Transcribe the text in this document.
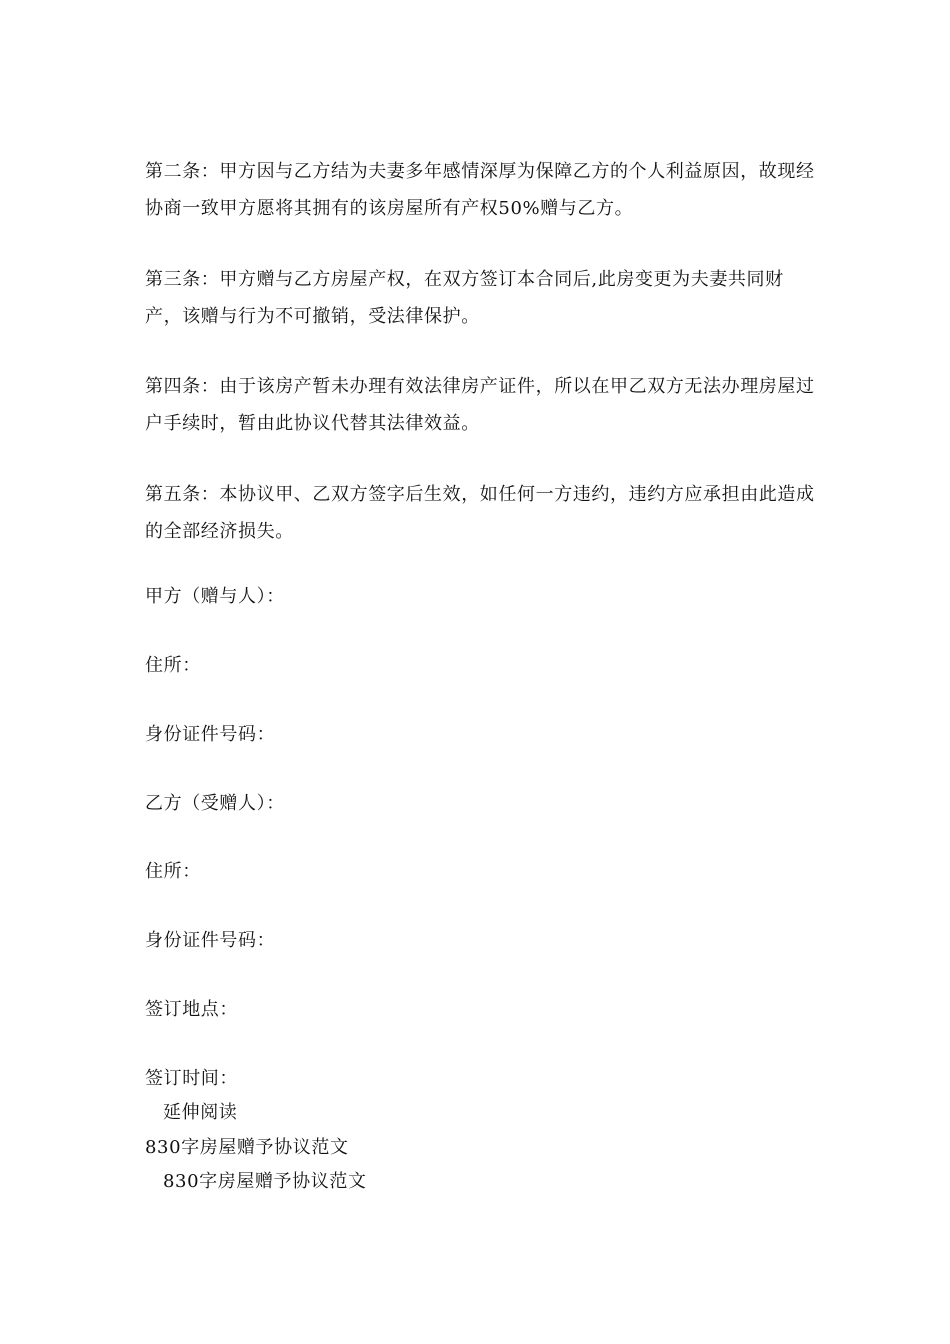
第二条：甲方因与乙方结为夫妻多年感情深厚为保障乙方的个人利益原因，故现经协商一致甲方愿将其拥有的该房屋所有产权50%赠与乙方。
第三条：甲方赠与乙方房屋产权，在双方签订本合同后,此房变更为夫妻共同财产，该赠与行为不可撤销，受法律保护。
第四条：由于该房产暂未办理有效法律房产证件，所以在甲乙双方无法办理房屋过户手续时，暂由此协议代替其法律效益。
第五条：本协议甲、乙双方签字后生效，如任何一方违约，违约方应承担由此造成的全部经济损失。
甲方（赠与人）：
住所：
身份证件号码：
乙方（受赠人）：
住所：
身份证件号码：
签订地点：
签订时间：
延伸阅读
830字房屋赠予协议范文
830字房屋赠予协议范文
